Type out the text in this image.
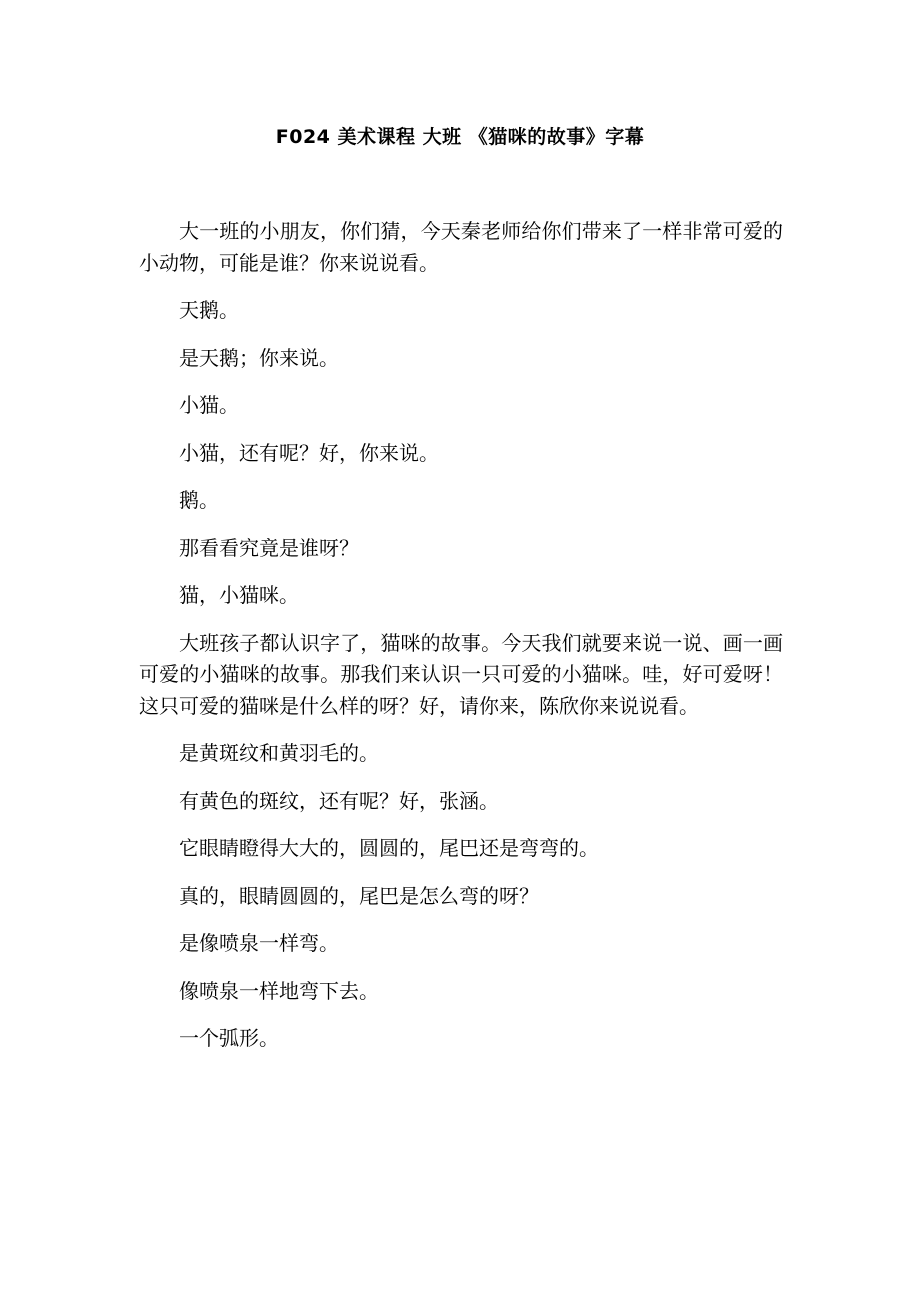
F024 美术课程 大班 《猫咪的故事》字幕

大一班的小朋友，你们猜，今天秦老师给你们带来了一样非常可爱的小动物，可能是谁？你来说说看。

天鹅。

是天鹅；你来说。

小猫。

小猫，还有呢？好，你来说。

鹅。

那看看究竟是谁呀？

猫，小猫咪。

大班孩子都认识字了，猫咪的故事。今天我们就要来说一说、画一画可爱的小猫咪的故事。那我们来认识一只可爱的小猫咪。哇，好可爱呀！这只可爱的猫咪是什么样的呀？好，请你来，陈欣你来说说看。

是黄斑纹和黄羽毛的。

有黄色的斑纹，还有呢？好，张涵。

它眼睛瞪得大大的，圆圆的，尾巴还是弯弯的。

真的，眼睛圆圆的，尾巴是怎么弯的呀？

是像喷泉一样弯。

像喷泉一样地弯下去。

一个弧形。
